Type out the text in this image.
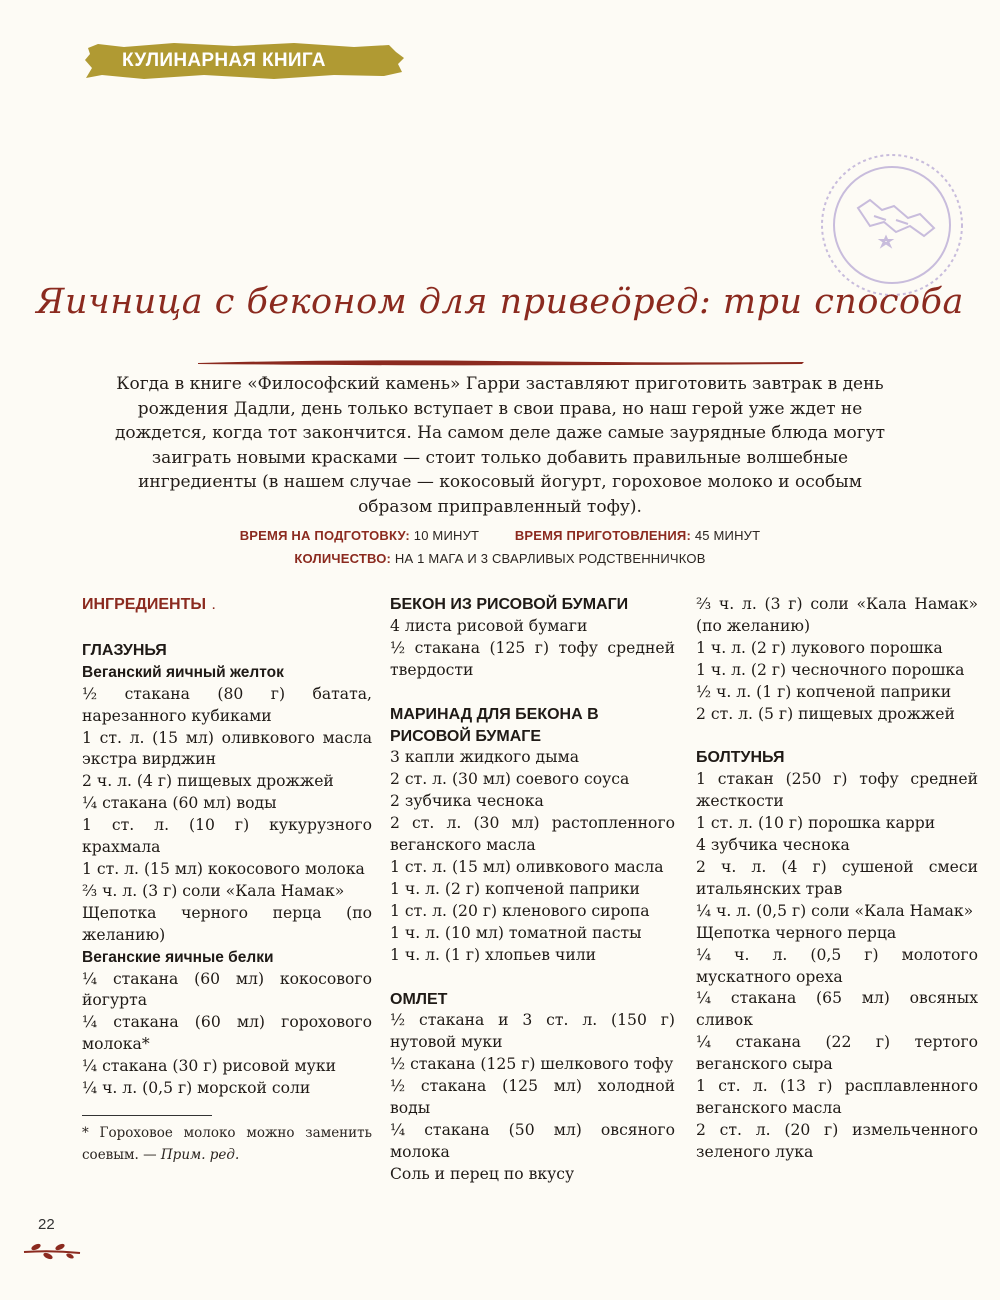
КУЛИНАРНАЯ КНИГА
Яичница с беконом для привеӧред: три способа
Когда в книге «Философский камень» Гарри заставляют приготовить завтрак в день рождения Дадли, день только вступает в свои права, но наш герой уже ждет не дождется, когда тот закончится. На самом деле даже самые заурядные блюда могут заиграть новыми красками — стоит только добавить правильные волшебные ингредиенты (в нашем случае — кокосовый йогурт, гороховое молоко и особым образом приправленный тофу).
ВРЕМЯ НА ПОДГОТОВКУ: 10 МИНУТ	ВРЕМЯ ПРИГОТОВЛЕНИЯ: 45 МИНУТ
КОЛИЧЕСТВО: НА 1 МАГА И 3 СВАРЛИВЫХ РОДСТВЕННИЧКОВ
ИНГРЕДИЕНТЫ  .
ГЛАЗУНЬЯ
Веганский яичный желток

½ стакана (80 г) батата, нарезанного кубиками

1 ст. л. (15 мл) оливкового масла экстра вирджин

2 ч. л. (4 г) пищевых дрожжей

¼ стакана (60 мл) воды

1 ст. л. (10 г) кукурузного крахмала

1 ст. л. (15 мл) кокосового молока

⅔ ч. л. (3 г) соли «Кала Намак»

Щепотка черного перца (по желанию)

Веганские яичные белки

¼ стакана (60 мл) кокосового йогурта

¼ стакана (60 мл) горохового молока*

¼ стакана (30 г) рисовой муки

¼ ч. л. (0,5 г) морской соли

* Гороховое молоко можно заменить соевым. — Прим. ред.
БЕКОН ИЗ РИСОВОЙ БУМАГИ

4 листа рисовой бумаги

½ стакана (125 г) тофу средней твердости

МАРИНАД ДЛЯ БЕКОНА В РИСОВОЙ БУМАГЕ

3 капли жидкого дыма

2 ст. л. (30 мл) соевого соуса

2 зубчика чеснока

2 ст. л. (30 мл) растопленного веганского масла

1 ст. л. (15 мл) оливкового масла

1 ч. л. (2 г) копченой паприки

1 ст. л. (20 г) кленового сиропа

1 ч. л. (10 мл) томатной пасты

1 ч. л. (1 г) хлопьев чили

ОМЛЕТ

½ стакана и 3 ст. л. (150 г) нутовой муки

½ стакана (125 г) шелкового тофу

½ стакана (125 мл) холодной воды

¼ стакана (50 мл) овсяного молока

Соль и перец по вкусу

⅔ ч. л. (3 г) соли «Кала Намак» (по желанию)

1 ч. л. (2 г) лукового порошка

1 ч. л. (2 г) чесночного порошка

½ ч. л. (1 г) копченой паприки

2 ст. л. (5 г) пищевых дрожжей

БОЛТУНЬЯ

1 стакан (250 г) тофу средней жесткости

1 ст. л. (10 г) порошка карри

4 зубчика чеснока

2 ч. л. (4 г) сушеной смеси итальянских трав

¼ ч. л. (0,5 г) соли «Кала Намак»

Щепотка черного перца

¼ ч. л. (0,5 г) молотого мускатного ореха

¼ стакана (65 мл) овсяных сливок

¼ стакана (22 г) тертого веганского сыра

1 ст. л. (13 г) расплавленного веганского масла

2 ст. л. (20 г) измельченного зеленого лука

22
